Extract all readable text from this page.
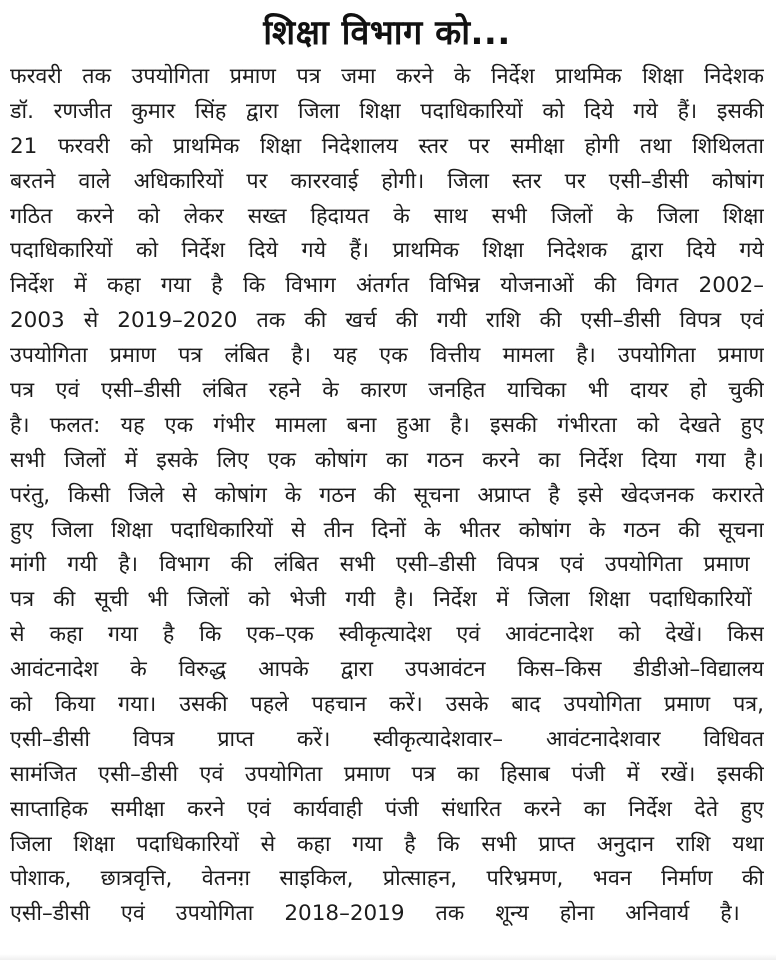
शिक्षा विभाग को...
फरवरी तक उपयोगिता प्रमाण पत्र जमा करने के निर्देश प्राथमिक शिक्षा निदेशक
डॉ. रणजीत कुमार सिंह द्वारा जिला शिक्षा पदाधिकारियों को दिये गये हैं। इसकी
21 फरवरी को प्राथमिक शिक्षा निदेशालय स्तर पर समीक्षा होगी तथा शिथिलता
बरतने वाले अधिकारियों पर काररवाई होगी। जिला स्तर पर एसी–डीसी कोषांग
गठित करने को लेकर सख्त हिदायत के साथ सभी जिलों के जिला शिक्षा
पदाधिकारियों को निर्देश दिये गये हैं। प्राथमिक शिक्षा निदेशक द्वारा दिये गये
निर्देश में कहा गया है कि विभाग अंतर्गत विभिन्न योजनाओं की विगत 2002–
2003 से 2019–2020 तक की खर्च की गयी राशि की एसी–डीसी विपत्र एवं
उपयोगिता प्रमाण पत्र लंबित है। यह एक वित्तीय मामला है। उपयोगिता प्रमाण
पत्र एवं एसी–डीसी लंबित रहने के कारण जनहित याचिका भी दायर हो चुकी
है। फलत: यह एक गंभीर मामला बना हुआ है। इसकी गंभीरता को देखते हुए
सभी जिलों में इसके लिए एक कोषांग का गठन करने का निर्देश दिया गया है।
परंतु, किसी जिले से कोषांग के गठन की सूचना अप्राप्त है इसे खेदजनक करारते
हुए जिला शिक्षा पदाधिकारियों से तीन दिनों के भीतर कोषांग के गठन की सूचना
मांगी गयी है। विभाग की लंबित सभी एसी–डीसी विपत्र एवं उपयोगिता प्रमाण
पत्र की सूची भी जिलों को भेजी गयी है। निर्देश में जिला शिक्षा पदाधिकारियों
से कहा गया है कि एक–एक स्वीकृत्यादेश एवं आवंटनादेश को देखें। किस
आवंटनादेश के विरुद्ध आपके द्वारा उपआवंटन किस–किस डीडीओ–विद्यालय
को किया गया। उसकी पहले पहचान करें। उसके बाद उपयोगिता प्रमाण पत्र,
एसी–डीसी विपत्र प्राप्त करें। स्वीकृत्यादेशवार– आवंटनादेशवार विधिवत
सामंजित एसी–डीसी एवं उपयोगिता प्रमाण पत्र का हिसाब पंजी में रखें। इसकी
साप्ताहिक समीक्षा करने एवं कार्यवाही पंजी संधारित करने का निर्देश देते हुए
जिला शिक्षा पदाधिकारियों से कहा गया है कि सभी प्राप्त अनुदान राशि यथा
पोशाक, छात्रवृत्ति, वेतनग़ साइकिल, प्रोत्साहन, परिभ्रमण, भवन निर्माण की
एसी–डीसी एवं उपयोगिता 2018–2019 तक शून्य होना अनिवार्य है।
